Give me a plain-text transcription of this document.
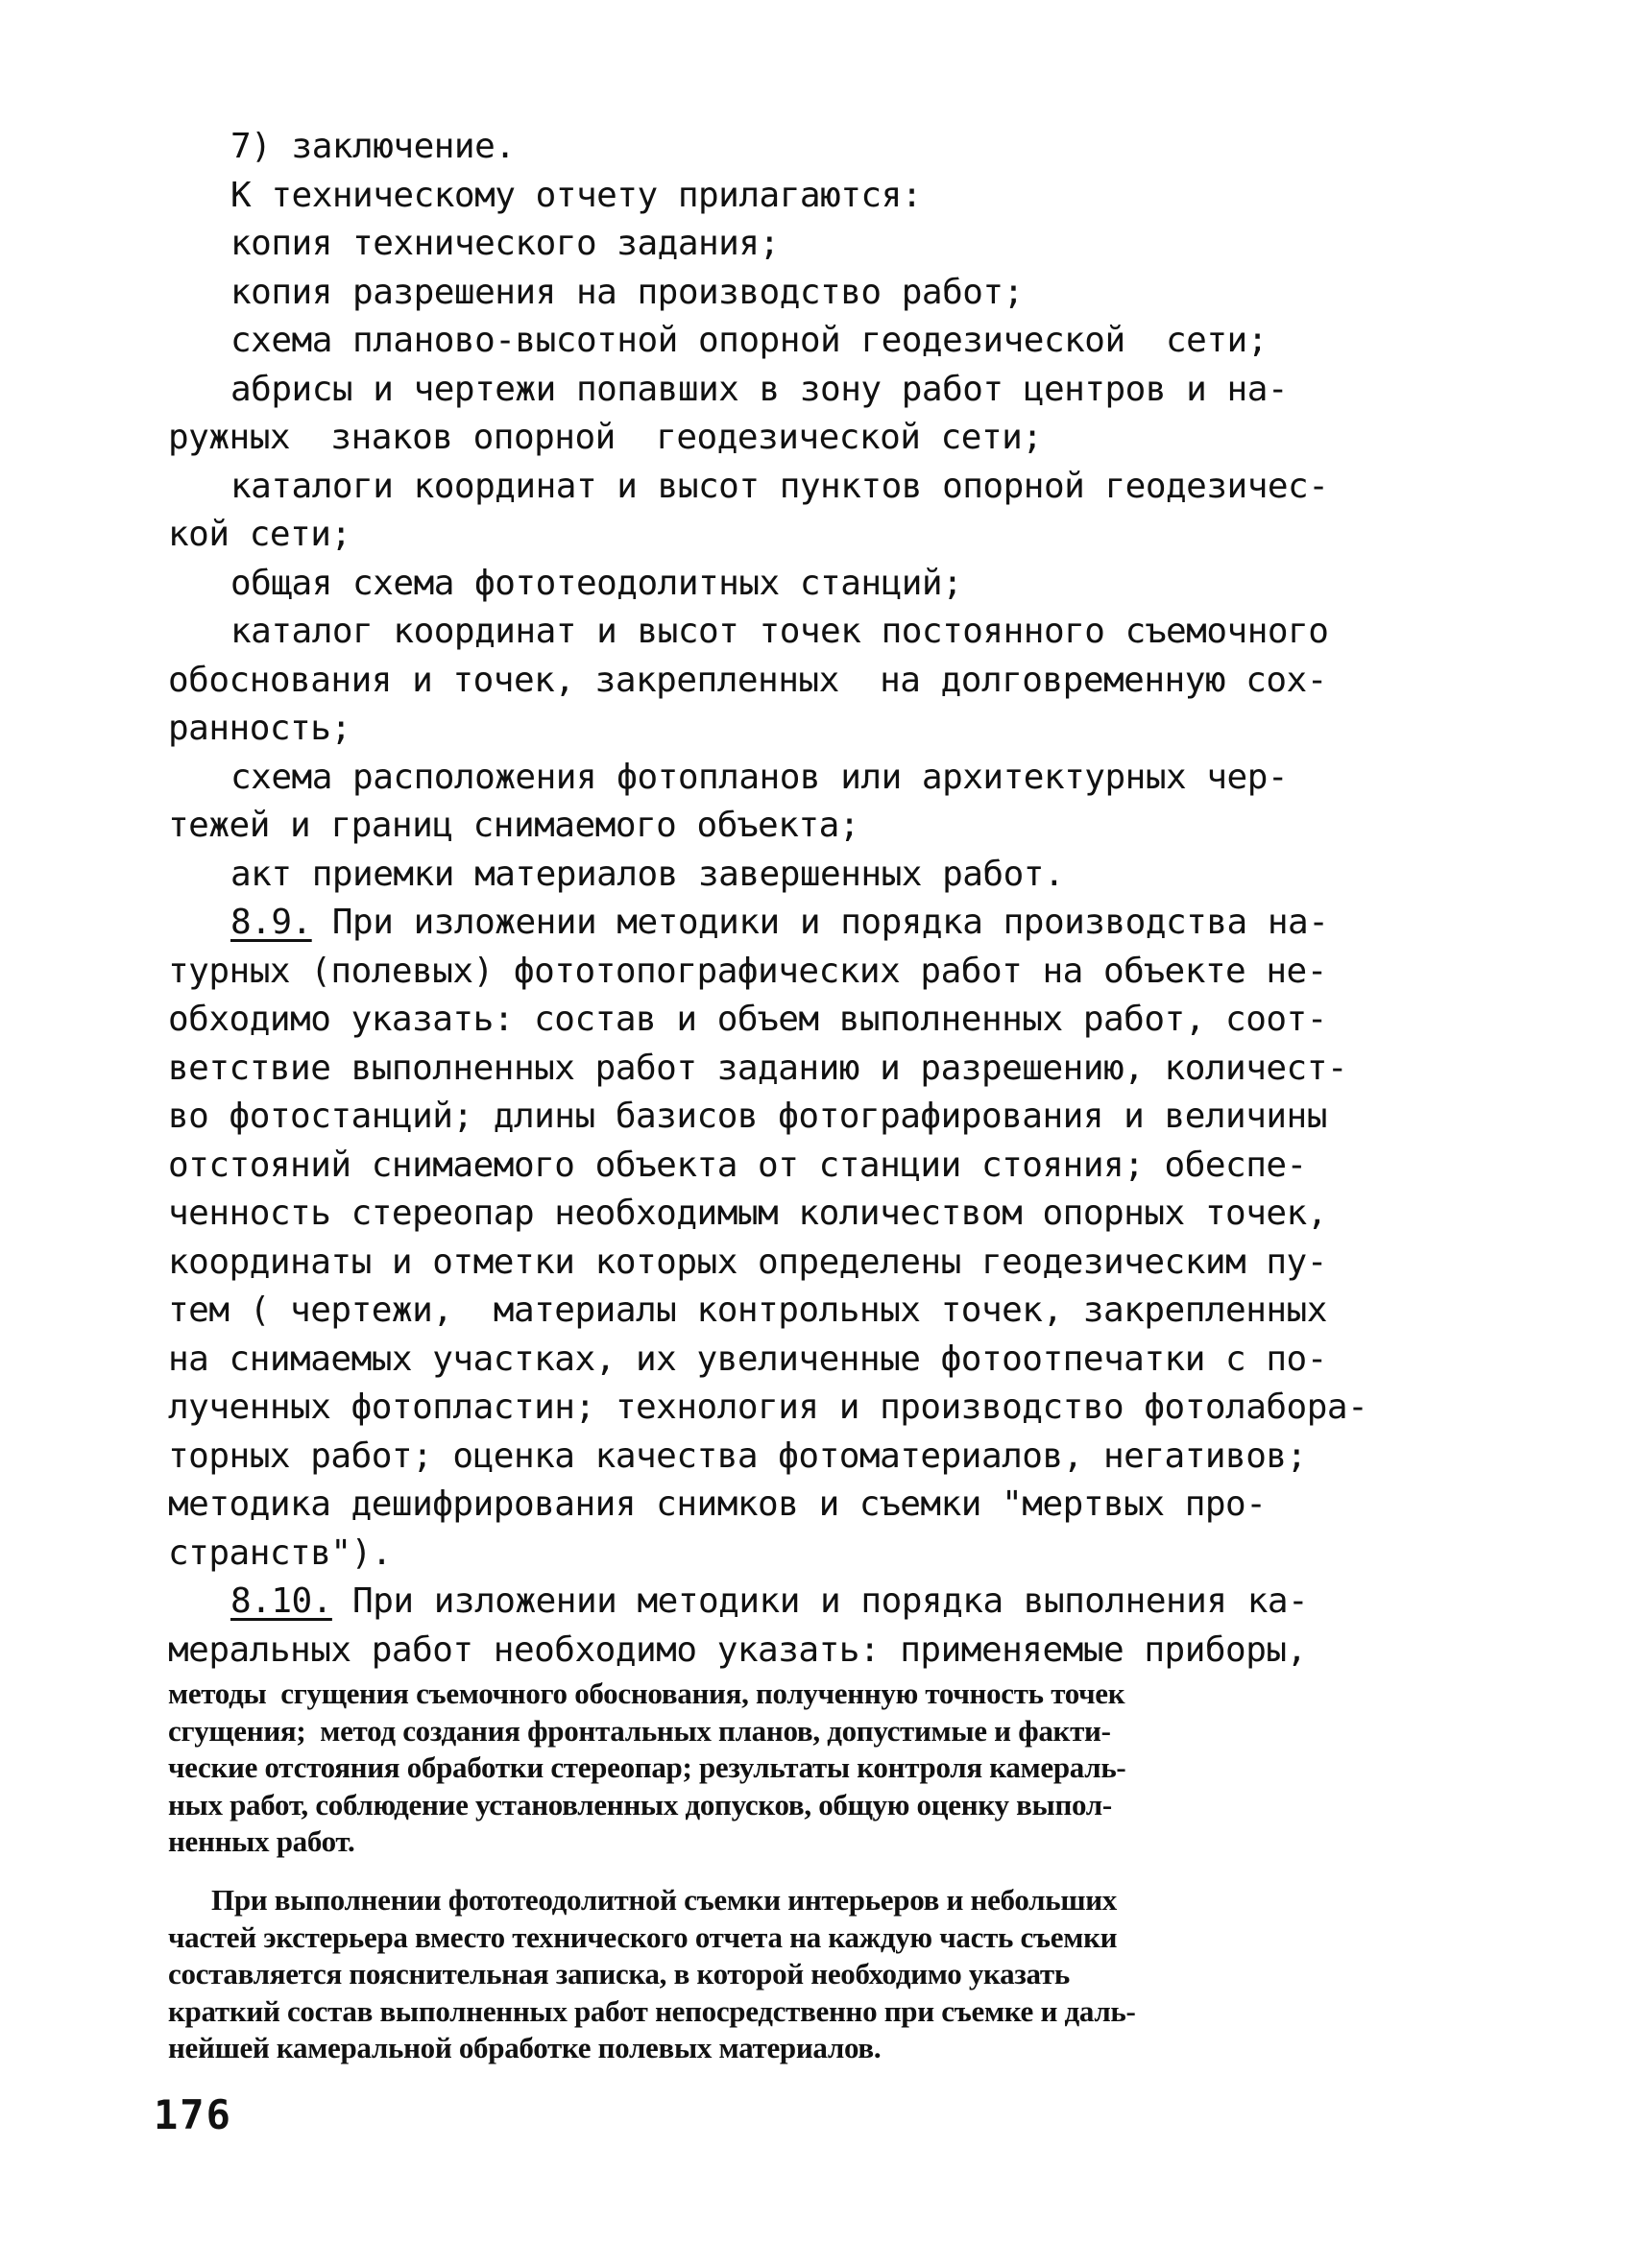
7) заключение.
К техническому отчету прилагаются:
копия технического задания;
копия разрешения на производство работ;
схема планово-высотной опорной геодезической  сети;
абрисы и чертежи попавших в зону работ центров и на-
ружных  знаков опорной  геодезической сети;
каталоги координат и высот пунктов опорной геодезичес-
кой сети;
общая схема фототеодолитных станций;
каталог координат и высот точек постоянного съемочного
обоснования и точек, закрепленных  на долговременную сох-
ранность;
схема расположения фотопланов или архитектурных чер-
тежей и границ снимаемого объекта;
акт приемки материалов завершенных работ.
8.9. При изложении методики и порядка производства на-
турных (полевых) фототопографических работ на объекте не-
обходимо указать: состав и объем выполненных работ, соот-
ветствие выполненных работ заданию и разрешению, количест-
во фотостанций; длины базисов фотографирования и величины
отстояний снимаемого объекта от станции стояния; обеспе-
ченность стереопар необходимым количеством опорных точек,
координаты и отметки которых определены геодезическим пу-
тем ( чертежи,  материалы контрольных точек, закрепленных
на снимаемых участках, их увеличенные фотоотпечатки с по-
лученных фотопластин; технология и производство фотолабора-
торных работ; оценка качества фотоматериалов, негативов;
методика дешифрирования снимков и съемки "мертвых про-
странств").
8.10. При изложении методики и порядка выполнения ка-
меральных работ необходимо указать: применяемые приборы,
методы  сгущения съемочного обоснования, полученную точность точек
сгущения;  метод создания фронтальных планов, допустимые и факти-
ческие отстояния обработки стереопар; результаты контроля камераль-
ных работ, соблюдение установленных допусков, общую оценку выпол-
ненных работ.
При выполнении фототеодолитной съемки интерьеров и небольших
частей экстерьера вместо технического отчета на каждую часть съемки
составляется пояснительная записка, в которой необходимо указать
краткий состав выполненных работ непосредственно при съемке и даль-
нейшей камеральной обработке полевых материалов.
176
